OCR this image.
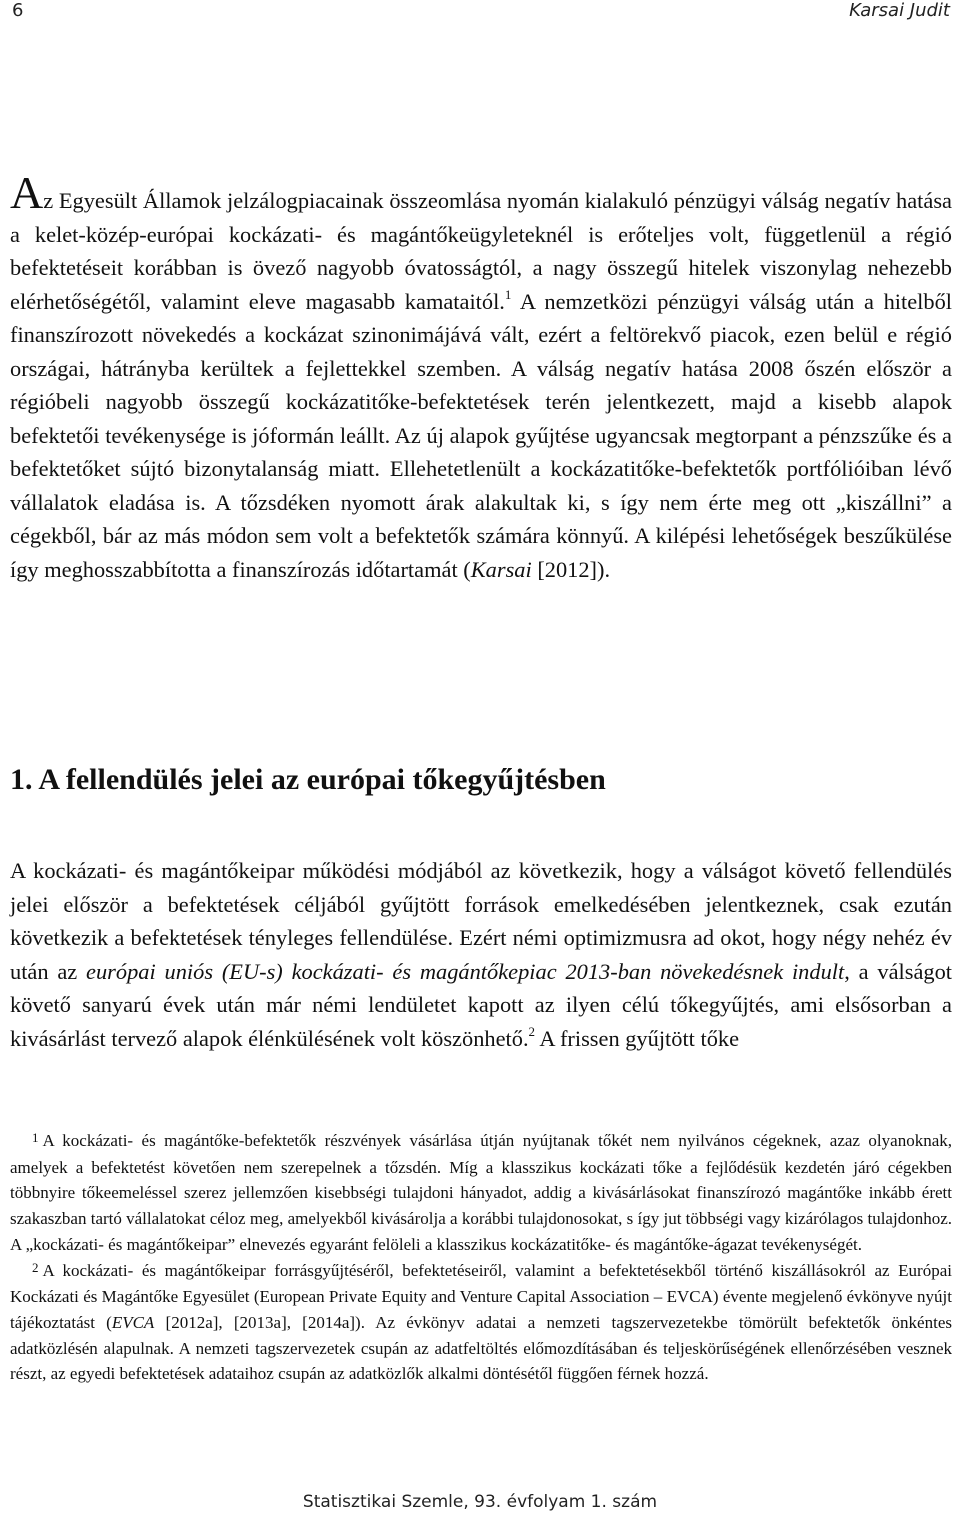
6	Karsai Judit

Az Egyesült Államok jelzálogpiacainak összeomlása nyomán kialakuló pénzügyi válság negatív hatása a kelet-közép-európai kockázati- és magántőkeügyleteknél is erőteljes volt, függetlenül a régió befektetéseit korábban is övező nagyobb óvatosságtól, a nagy összegű hitelek viszonylag nehezebb elérhetőségétől, valamint eleve magasabb kamataitól.$^1$ A nemzetközi pénzügyi válság után a hitelből finanszírozott növekedés a kockázat szinonimájává vált, ezért a feltörekvő piacok, ezen belül e régió országai, hátrányba kerültek a fejlettekkel szemben. A válság negatív hatása 2008 őszén először a régióbeli nagyobb összegű kockázatitőke-befektetések terén jelentkezett, majd a kisebb alapok befektetői tevékenysége is jóformán leállt. Az új alapok gyűjtése ugyancsak megtorpant a pénzszűke és a befektetőket sújtó bizonytalanság miatt. Ellehetetlenült a kockázatitőke-befektetők portfólióiban lévő vállalatok eladása is. A tőzsdéken nyomott árak alakultak ki, s így nem érte meg ott „kiszállni” a cégekből, bár az más módon sem volt a befektetők számára könnyű. A kilépési lehetőségek beszűkülése így meghosszabbította a finanszírozás időtartamát (Karsai [2012]).

1. A fellendülés jelei az európai tőkegyűjtésben

A kockázati- és magántőkeipar működési módjából az következik, hogy a válságot követő fellendülés jelei először a befektetések céljából gyűjtött források emelkedésében jelentkeznek, csak ezután következik a befektetések tényleges fellendülése. Ezért némi optimizmusra ad okot, hogy négy nehéz év után az európai uniós (EU-s) kockázati- és magántőkepiac 2013-ban növekedésnek indult, a válságot követő sanyarú évek után már némi lendületet kapott az ilyen célú tőkegyűjtés, ami elsősorban a kivásárlást tervező alapok élénkülésének volt köszönhető.$^2$ A frissen gyűjtött tőke

$^1$ A kockázati- és magántőke-befektetők részvények vásárlása útján nyújtanak tőkét nem nyilvános cégeknek, azaz olyanoknak, amelyek a befektetést követően nem szerepelnek a tőzsdén. Míg a klasszikus kockázati tőke a fejlődésük kezdetén járó cégekben többnyire tőkeemeléssel szerez jellemzően kisebbségi tulajdoni hányadot, addig a kivásárlásokat finanszírozó magántőke inkább érett szakaszban tartó vállalatokat céloz meg, amelyekből kivásárolja a korábbi tulajdonosokat, s így jut többségi vagy kizárólagos tulajdonhoz. A „kockázati- és magántőkeipar” elnevezés egyaránt felöleli a klasszikus kockázatitőke- és magántőke-ágazat tevékenységét.

$^2$ A kockázati- és magántőkeipar forrásgyűjtéséről, befektetéseiről, valamint a befektetésekből történő kiszállásokról az Európai Kockázati és Magántőke Egyesület (European Private Equity and Venture Capital Association – EVCA) évente megjelenő évkönyve nyújt tájékoztatást (EVCA [2012a], [2013a], [2014a]). Az évkönyv adatai a nemzeti tagszervezetekbe tömörült befektetők önkéntes adatközlésén alapulnak. A nemzeti tagszervezetek csupán az adatfeltöltés előmozdításában és teljeskörűségének ellenőrzésében vesznek részt, az egyedi befektetések adataihoz csupán az adatközlők alkalmi döntésétől függően férnek hozzá.

Statisztikai Szemle, 93. évfolyam 1. szám
